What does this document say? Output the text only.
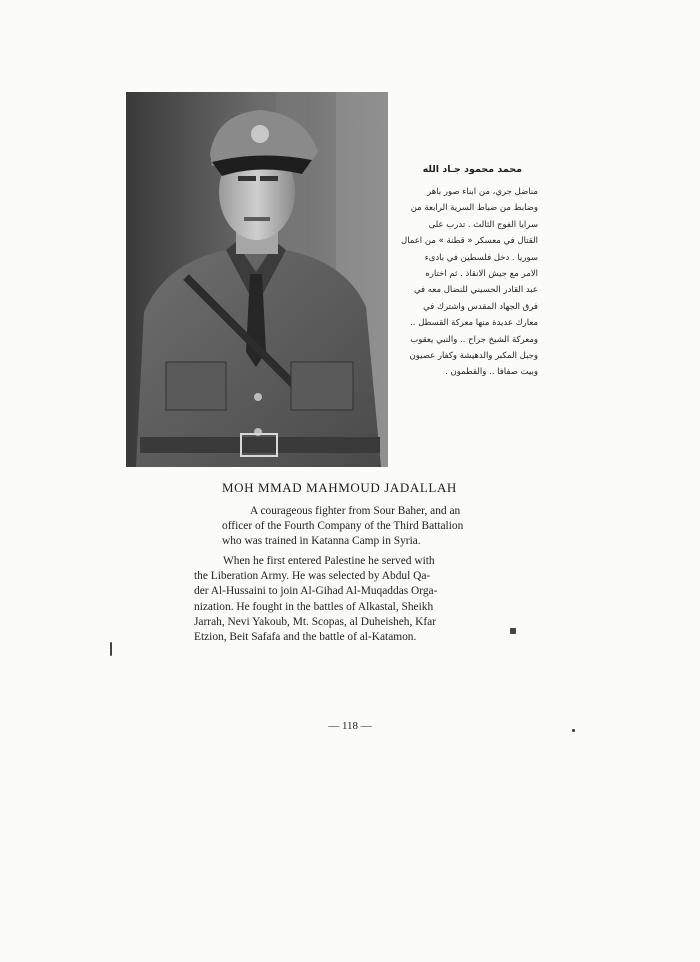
محمد محمود جـاد الله
مناضل جري، من ابناء صور باهر
وضابط من ضباط السرية الرابعة من
سرايا الفوج الثالث . تدرب على
القتال في معسكر « قطنة » من اعمال
سوريا . دخل فلسطين في بادىء
الامر مع جيش الانقاذ . ثم اختاره
عبد القادر الحسيني للنضال معه في
فرق الجهاد المقدس واشترك في
معارك عديدة منها معركة القسطل ..
ومعركة الشيخ جراح .. والنبي يعقوب
وجبل المكبر والدهيشة وكفار عصيون
وبيت صفافا .. والقطمون .
MOH MMAD MAHMOUD JADALLAH
A courageous fighter from Sour Baher, and an
officer of the Fourth Company of the Third Battalion
who was trained in Katanna Camp in Syria.
When he first entered Palestine he served with
the Liberation Army. He was selected by Abdul Qa-
der Al-Hussaini to join Al-Gihad Al-Muqaddas Orga-
nization. He fought in the battles of Alkastal, Sheikh
Jarrah, Nevi Yakoub, Mt. Scopas, al Duheisheh, Kfar
Etzion, Beit Safafa and the battle of al-Katamon.
— 118 —
